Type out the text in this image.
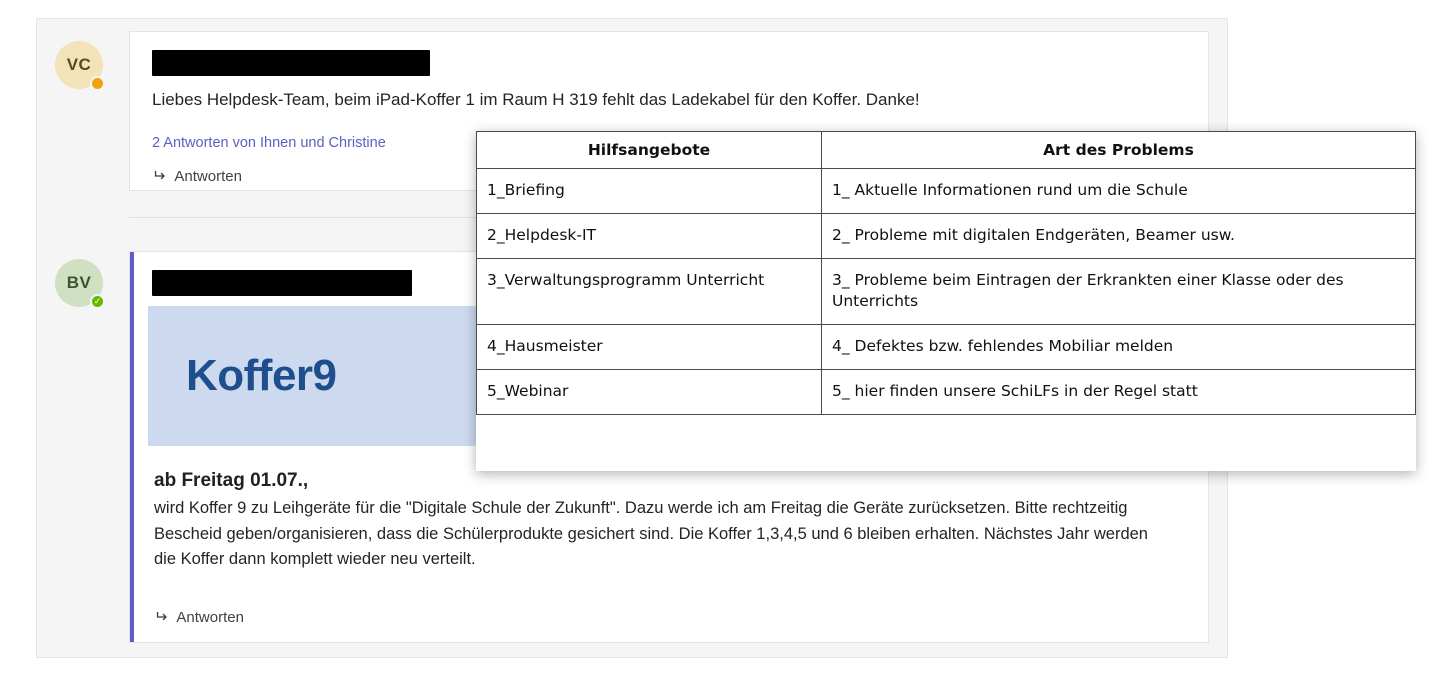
VC
Liebes Helpdesk-Team, beim iPad-Koffer 1 im Raum H 319 fehlt das Ladekabel für den Koffer. Danke!
2 Antworten von Ihnen und Christine
↵ Antworten
BV
✓
Koffer9
ab Freitag 01.07.,
wird Koffer 9 zu Leihgeräte für die "Digitale Schule der Zukunft". Dazu werde ich am Freitag die Geräte zurücksetzen. Bitte rechtzeitig Bescheid geben/organisieren, dass die Schülerprodukte gesichert sind. Die Koffer 1,3,4,5 und 6 bleiben erhalten. Nächstes Jahr werden die Koffer dann komplett wieder neu verteilt.
↵ Antworten
Hilfsangebote	Art des Problems
1_Briefing	1_ Aktuelle Informationen rund um die Schule
2_Helpdesk-IT	2_ Probleme mit digitalen Endgeräten, Beamer usw.
3_Verwaltungsprogramm Unterricht	3_ Probleme beim Eintragen der Erkrankten einer Klasse oder des Unterrichts
4_Hausmeister	4_ Defektes bzw. fehlendes Mobiliar melden
5_Webinar	5_ hier finden unsere SchiLFs in der Regel statt
